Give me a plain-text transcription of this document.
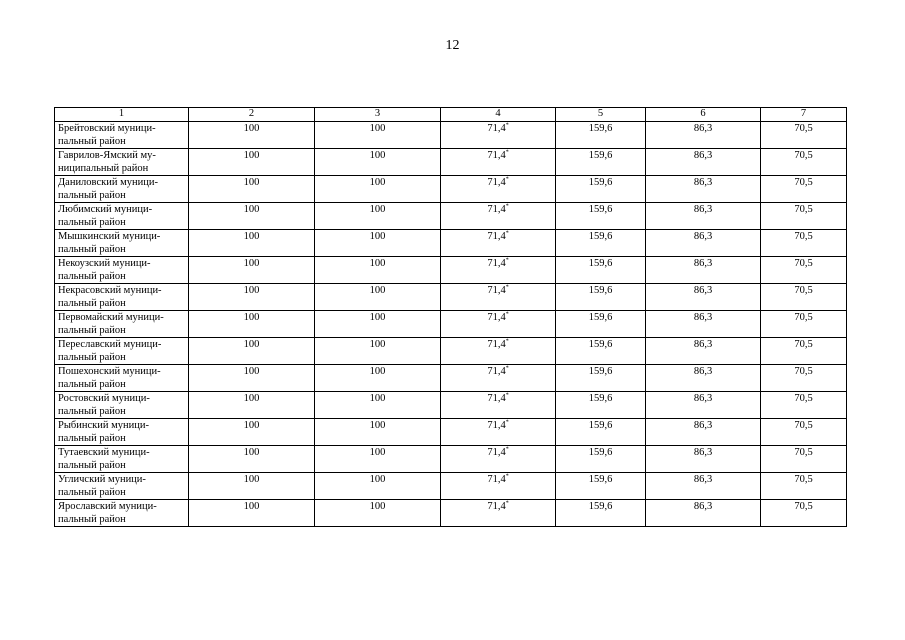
12
1	2	3	4	5	6	7
Брейтовский муници-
пальный район	100	100	71,4*	159,6	86,3	70,5
Гаврилов-Ямский му-
ниципальный район	100	100	71,4*	159,6	86,3	70,5
Даниловский муници-
пальный район	100	100	71,4*	159,6	86,3	70,5
Любимский муници-
пальный район	100	100	71,4*	159,6	86,3	70,5
Мышкинский муници-
пальный район	100	100	71,4*	159,6	86,3	70,5
Некоузский муници-
пальный район	100	100	71,4*	159,6	86,3	70,5
Некрасовский муници-
пальный район	100	100	71,4*	159,6	86,3	70,5
Первомайский муници-
пальный район	100	100	71,4*	159,6	86,3	70,5
Переславский муници-
пальный район	100	100	71,4*	159,6	86,3	70,5
Пошехонский муници-
пальный район	100	100	71,4*	159,6	86,3	70,5
Ростовский муници-
пальный район	100	100	71,4*	159,6	86,3	70,5
Рыбинский муници-
пальный район	100	100	71,4*	159,6	86,3	70,5
Тутаевский муници-
пальный район	100	100	71,4*	159,6	86,3	70,5
Угличский муници-
пальный район	100	100	71,4*	159,6	86,3	70,5
Ярославский муници-
пальный район	100	100	71,4*	159,6	86,3	70,5
